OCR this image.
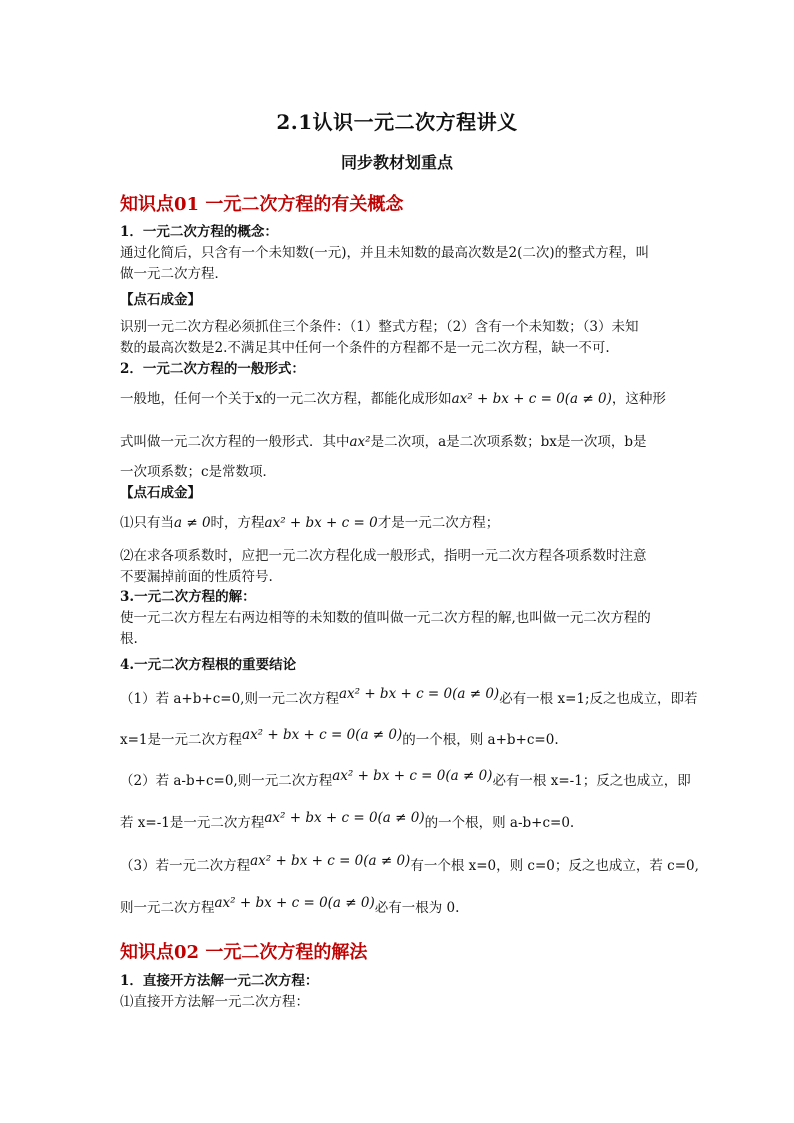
2.1认识一元二次方程讲义
同步教材划重点
知识点01 一元二次方程的有关概念
1．一元二次方程的概念：
通过化简后，只含有一个未知数(一元)，并且未知数的最高次数是2(二次)的整式方程，叫
做一元二次方程．
【点石成金】
识别一元二次方程必须抓住三个条件：（1）整式方程；（2）含有一个未知数；（3）未知
数的最高次数是2.不满足其中任何一个条件的方程都不是一元二次方程，缺一不可.
2．一元二次方程的一般形式：
一般地，任何一个关于x的一元二次方程，都能化成形如ax² + bx + c = 0(a ≠ 0)，这种形
式叫做一元二次方程的一般形式．其中ax²是二次项，a是二次项系数；bx是一次项，b是
一次项系数；c是常数项．
【点石成金】
⑴只有当a ≠ 0时，方程ax² + bx + c = 0才是一元二次方程；
⑵在求各项系数时，应把一元二次方程化成一般形式，指明一元二次方程各项系数时注意
不要漏掉前面的性质符号.
3.一元二次方程的解：
使一元二次方程左右两边相等的未知数的值叫做一元二次方程的解,也叫做一元二次方程的
根.
4.一元二次方程根的重要结论
（1）若 a+b+c=0,则一元二次方程ax² + bx + c = 0(a ≠ 0)必有一根 x=1;反之也成立，即若
x=1是一元二次方程ax² + bx + c = 0(a ≠ 0)的一个根，则 a+b+c=0.
（2）若 a-b+c=0,则一元二次方程ax² + bx + c = 0(a ≠ 0)必有一根 x=-1；反之也成立，即
若 x=-1是一元二次方程ax² + bx + c = 0(a ≠ 0)的一个根，则 a-b+c=0.
（3）若一元二次方程ax² + bx + c = 0(a ≠ 0)有一个根 x=0，则 c=0；反之也成立，若 c=0,
则一元二次方程ax² + bx + c = 0(a ≠ 0)必有一根为 0.
知识点02 一元二次方程的解法
1．直接开方法解一元二次方程：
⑴直接开方法解一元二次方程：
